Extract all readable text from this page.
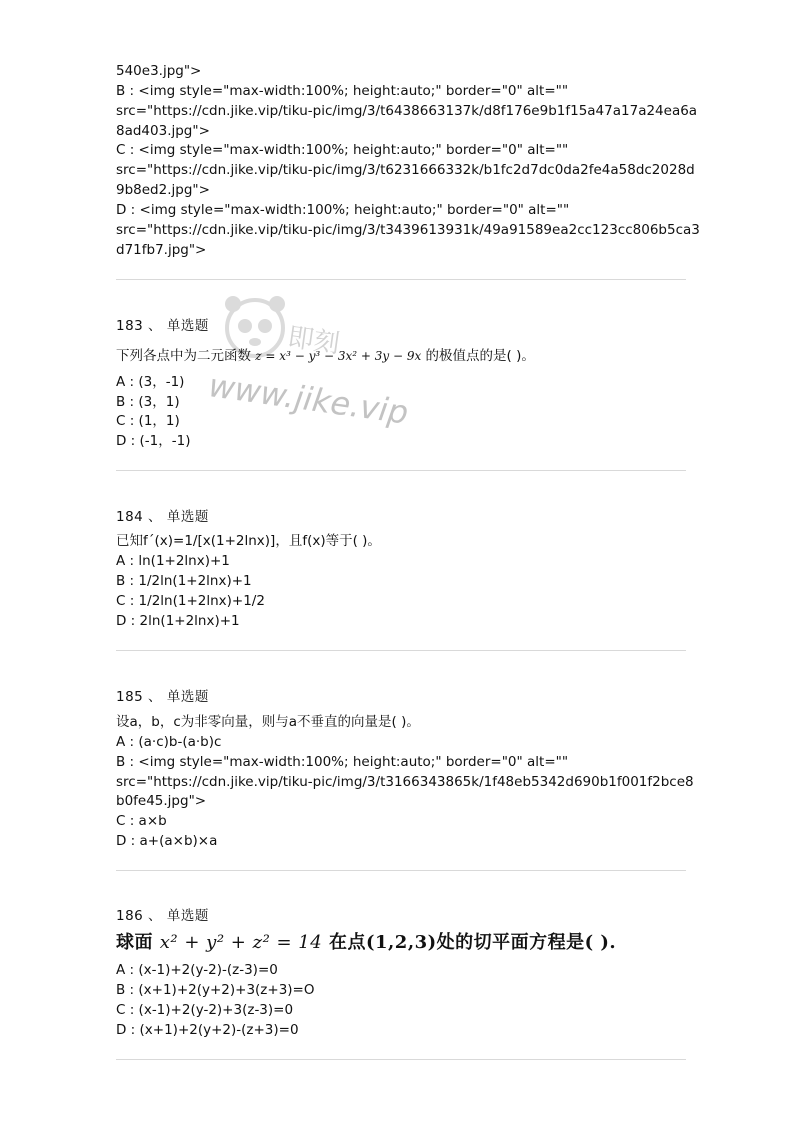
即刻
www.jike.vip
540e3.jpg">
B : <img style="max-width:100%; height:auto;" border="0" alt=""
src="https://cdn.jike.vip/tiku-pic/img/3/t6438663137k/d8f176e9b1f15a47a17a24ea6a
8ad403.jpg">
C : <img style="max-width:100%; height:auto;" border="0" alt=""
src="https://cdn.jike.vip/tiku-pic/img/3/t6231666332k/b1fc2d7dc0da2fe4a58dc2028d
9b8ed2.jpg">
D : <img style="max-width:100%; height:auto;" border="0" alt=""
src="https://cdn.jike.vip/tiku-pic/img/3/t3439613931k/49a91589ea2cc123cc806b5ca3
d71fb7.jpg">
183 、 单选题
下列各点中为二元函数 z = x³ − y³ − 3x² + 3y − 9x 的极值点的是( )。
A : (3，-1)
B : (3，1)
C : (1，1)
D : (-1，-1)
184 、 单选题
已知f´(x)=1/[x(1+2lnx)]，且f(x)等于( )。
A : ln(1+2lnx)+1
B : 1/2ln(1+2lnx)+1
C : 1/2ln(1+2lnx)+1/2
D : 2ln(1+2lnx)+1
185 、 单选题
设a，b，c为非零向量，则与a不垂直的向量是( )。
A : (a·c)b-(a·b)c
B : <img style="max-width:100%; height:auto;" border="0" alt=""
src="https://cdn.jike.vip/tiku-pic/img/3/t3166343865k/1f48eb5342d690b1f001f2bce8
b0fe45.jpg">
C : a×b
D : a+(a×b)×a
186 、 单选题
球面 x² + y² + z² = 14 在点(1,2,3)处的切平面方程是( ).
A : (x-1)+2(y-2)-(z-3)=0
B : (x+1)+2(y+2)+3(z+3)=O
C : (x-1)+2(y-2)+3(z-3)=0
D : (x+1)+2(y+2)-(z+3)=0
